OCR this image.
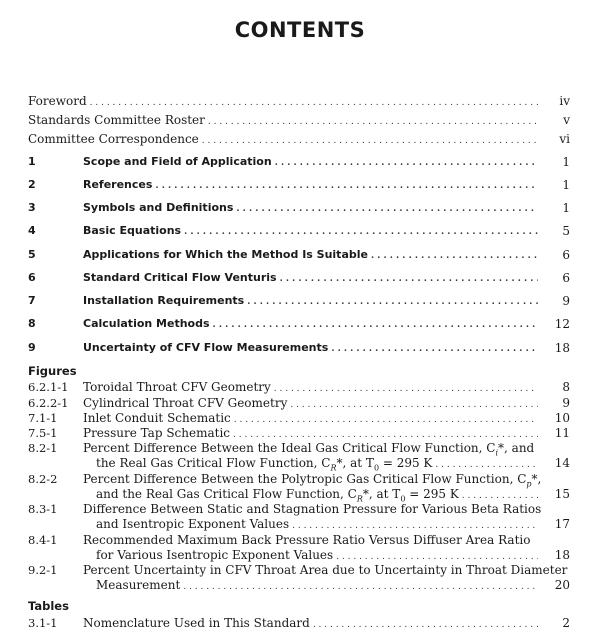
CONTENTS
Foreword . . .	iv
Standards Committee Roster . . .	v
Committee Correspondence . . .	vi
1	Scope and Field of Application . . .	1
2	References . . .	1
3	Symbols and Definitions . . .	1
4	Basic Equations . . .	5
5	Applications for Which the Method Is Suitable . . .	6
6	Standard Critical Flow Venturis . . .	6
7	Installation Requirements . . .	9
8	Calculation Methods . . .	12
9	Uncertainty of CFV Flow Measurements . . .	18
Figures
6.2.1-1 Toroidal Throat CFV Geometry . . .	8
6.2.2-1 Cylindrical Throat CFV Geometry . . .	9
7.1-1 Inlet Conduit Schematic . . .	10
7.5-1 Pressure Tap Schematic . . .	11
8.2-1 Percent Difference Between the Ideal Gas Critical Flow Function, $C_i*$, and
the Real Gas Critical Flow Function, $C_R*$, at $T_0 = 295$ K . . .	14
8.2-2 Percent Difference Between the Polytropic Gas Critical Flow Function, $C_p*$,
and the Real Gas Critical Flow Function, $C_R*$, at $T_0 = 295$ K . . .	15
8.3-1 Difference Between Static and Stagnation Pressure for Various Beta Ratios
and Isentropic Exponent Values . . .	17
8.4-1 Recommended Maximum Back Pressure Ratio Versus Diffuser Area Ratio
for Various Isentropic Exponent Values . . .	18
9.2-1 Percent Uncertainty in CFV Throat Area due to Uncertainty in Throat Diameter
Measurement . . .	20
Tables
3.1-1 Nomenclature Used in This Standard . . .	2
